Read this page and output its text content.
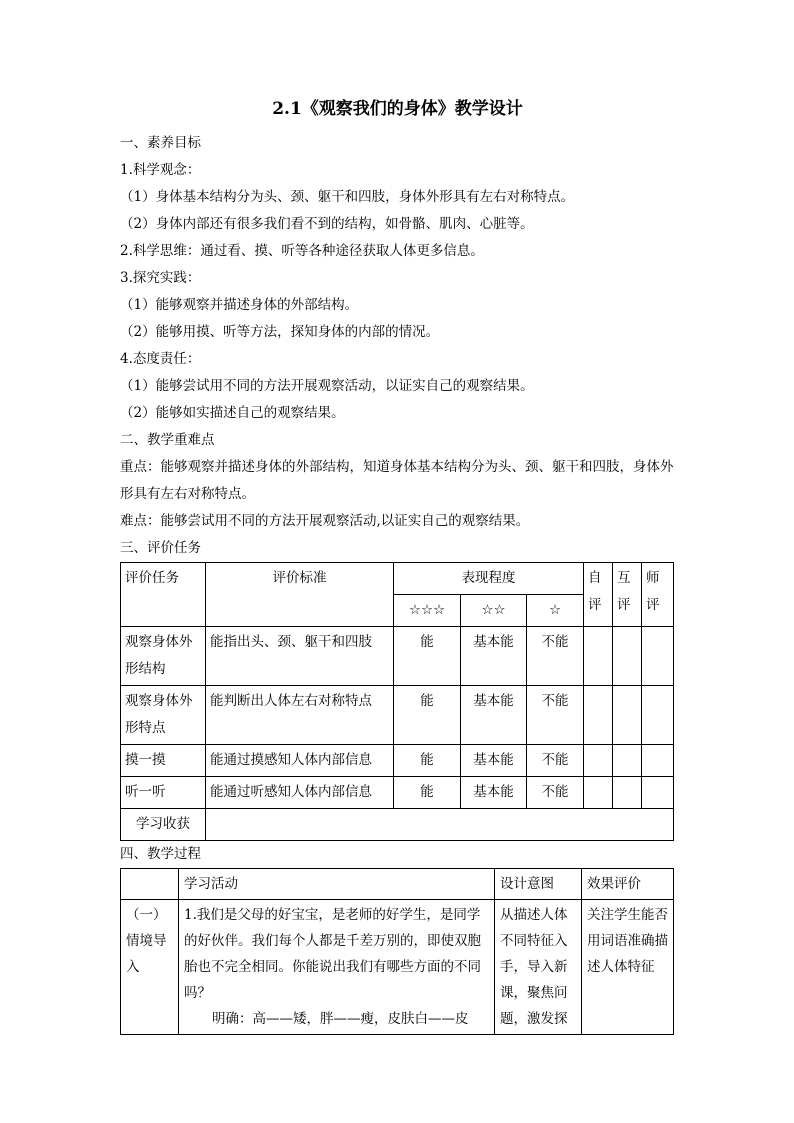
2.1《观察我们的身体》教学设计
一、素养目标
1.科学观念：
（1）身体基本结构分为头、颈、躯干和四肢，身体外形具有左右对称特点。
（2）身体内部还有很多我们看不到的结构，如骨骼、肌肉、心脏等。
2.科学思维：通过看、摸、听等各种途径获取人体更多信息。
3.探究实践：
（1）能够观察并描述身体的外部结构。
（2）能够用摸、听等方法，探知身体的内部的情况。
4.态度责任：
（1）能够尝试用不同的方法开展观察活动，以证实自己的观察结果。
（2）能够如实描述自己的观察结果。
二、教学重难点
重点：能够观察并描述身体的外部结构，知道身体基本结构分为头、颈、躯干和四肢，身体外形具有左右对称特点。
难点：能够尝试用不同的方法开展观察活动,以证实自己的观察结果。
三、评价任务
评价任务	评价标准	表现程度			自评	互评	师评
		☆☆☆	☆☆	☆			
观察身体外形结构	能指出头、颈、躯干和四肢	能	基本能	不能			
观察身体外形特点	能判断出人体左右对称特点	能	基本能	不能			
摸一摸	能通过摸感知人体内部信息	能	基本能	不能			
听一听	能通过听感知人体内部信息	能	基本能	不能			
学习收获							
四、教学过程
	学习活动	设计意图	效果评价
（一）情境导入	1.我们是父母的好宝宝，是老师的好学生，是同学的好伙伴。我们每个人都是千差万别的，即使双胞胎也不完全相同。你能说出我们有哪些方面的不同吗？
明确：高——矮，胖——瘦，皮肤白——皮	从描述人体不同特征入手，导入新课，聚焦问题，激发探	关注学生能否用词语准确描述人体特征
